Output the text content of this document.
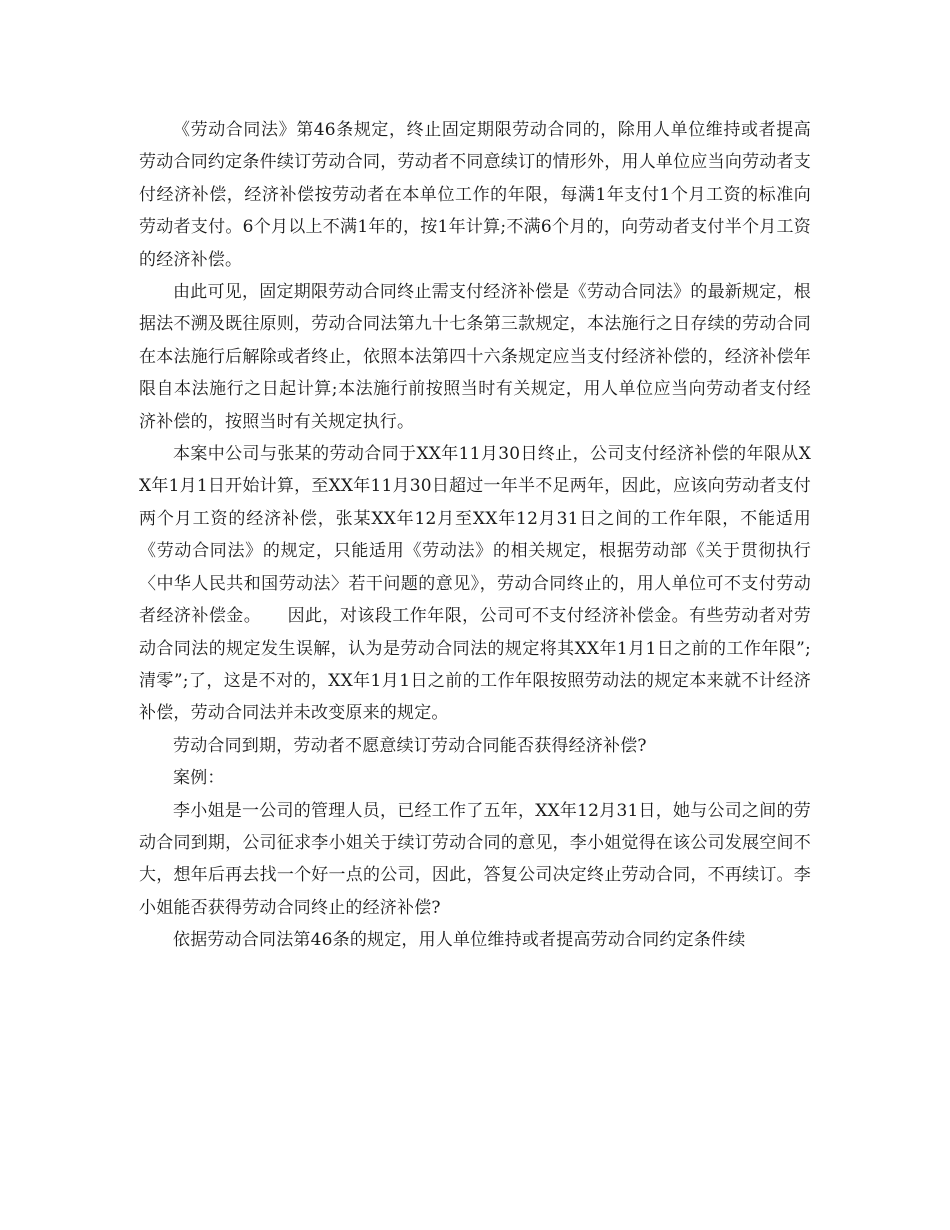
《劳动合同法》第46条规定，终止固定期限劳动合同的，除用人单位维持或者提高劳动合同约定条件续订劳动合同，劳动者不同意续订的情形外，用人单位应当向劳动者支付经济补偿，经济补偿按劳动者在本单位工作的年限，每满1年支付1个月工资的标准向劳动者支付。6个月以上不满1年的，按1年计算;不满6个月的，向劳动者支付半个月工资的经济补偿。

由此可见，固定期限劳动合同终止需支付经济补偿是《劳动合同法》的最新规定，根据法不溯及既往原则，劳动合同法第九十七条第三款规定，本法施行之日存续的劳动合同在本法施行后解除或者终止，依照本法第四十六条规定应当支付经济补偿的，经济补偿年限自本法施行之日起计算;本法施行前按照当时有关规定，用人单位应当向劳动者支付经济补偿的，按照当时有关规定执行。

本案中公司与张某的劳动合同于XX年11月30日终止，公司支付经济补偿的年限从XX年1月1日开始计算，至XX年11月30日超过一年半不足两年，因此，应该向劳动者支付两个月工资的经济补偿，张某XX年12月至XX年12月31日之间的工作年限，不能适用《劳动合同法》的规定，只能适用《劳动法》的相关规定，根据劳动部《关于贯彻执行〈中华人民共和国劳动法〉若干问题的意见》，劳动合同终止的，用人单位可不支付劳动者经济补偿金。　　因此，对该段工作年限，公司可不支付经济补偿金。有些劳动者对劳动合同法的规定发生误解，认为是劳动合同法的规定将其XX年1月1日之前的工作年限”;清零”;了，这是不对的，XX年1月1日之前的工作年限按照劳动法的规定本来就不计经济补偿，劳动合同法并未改变原来的规定。

劳动合同到期，劳动者不愿意续订劳动合同能否获得经济补偿?

案例：

李小姐是一公司的管理人员，已经工作了五年，XX年12月31日，她与公司之间的劳动合同到期，公司征求李小姐关于续订劳动合同的意见，李小姐觉得在该公司发展空间不大，想年后再去找一个好一点的公司，因此，答复公司决定终止劳动合同，不再续订。李小姐能否获得劳动合同终止的经济补偿?

依据劳动合同法第46条的规定，用人单位维持或者提高劳动合同约定条件续
